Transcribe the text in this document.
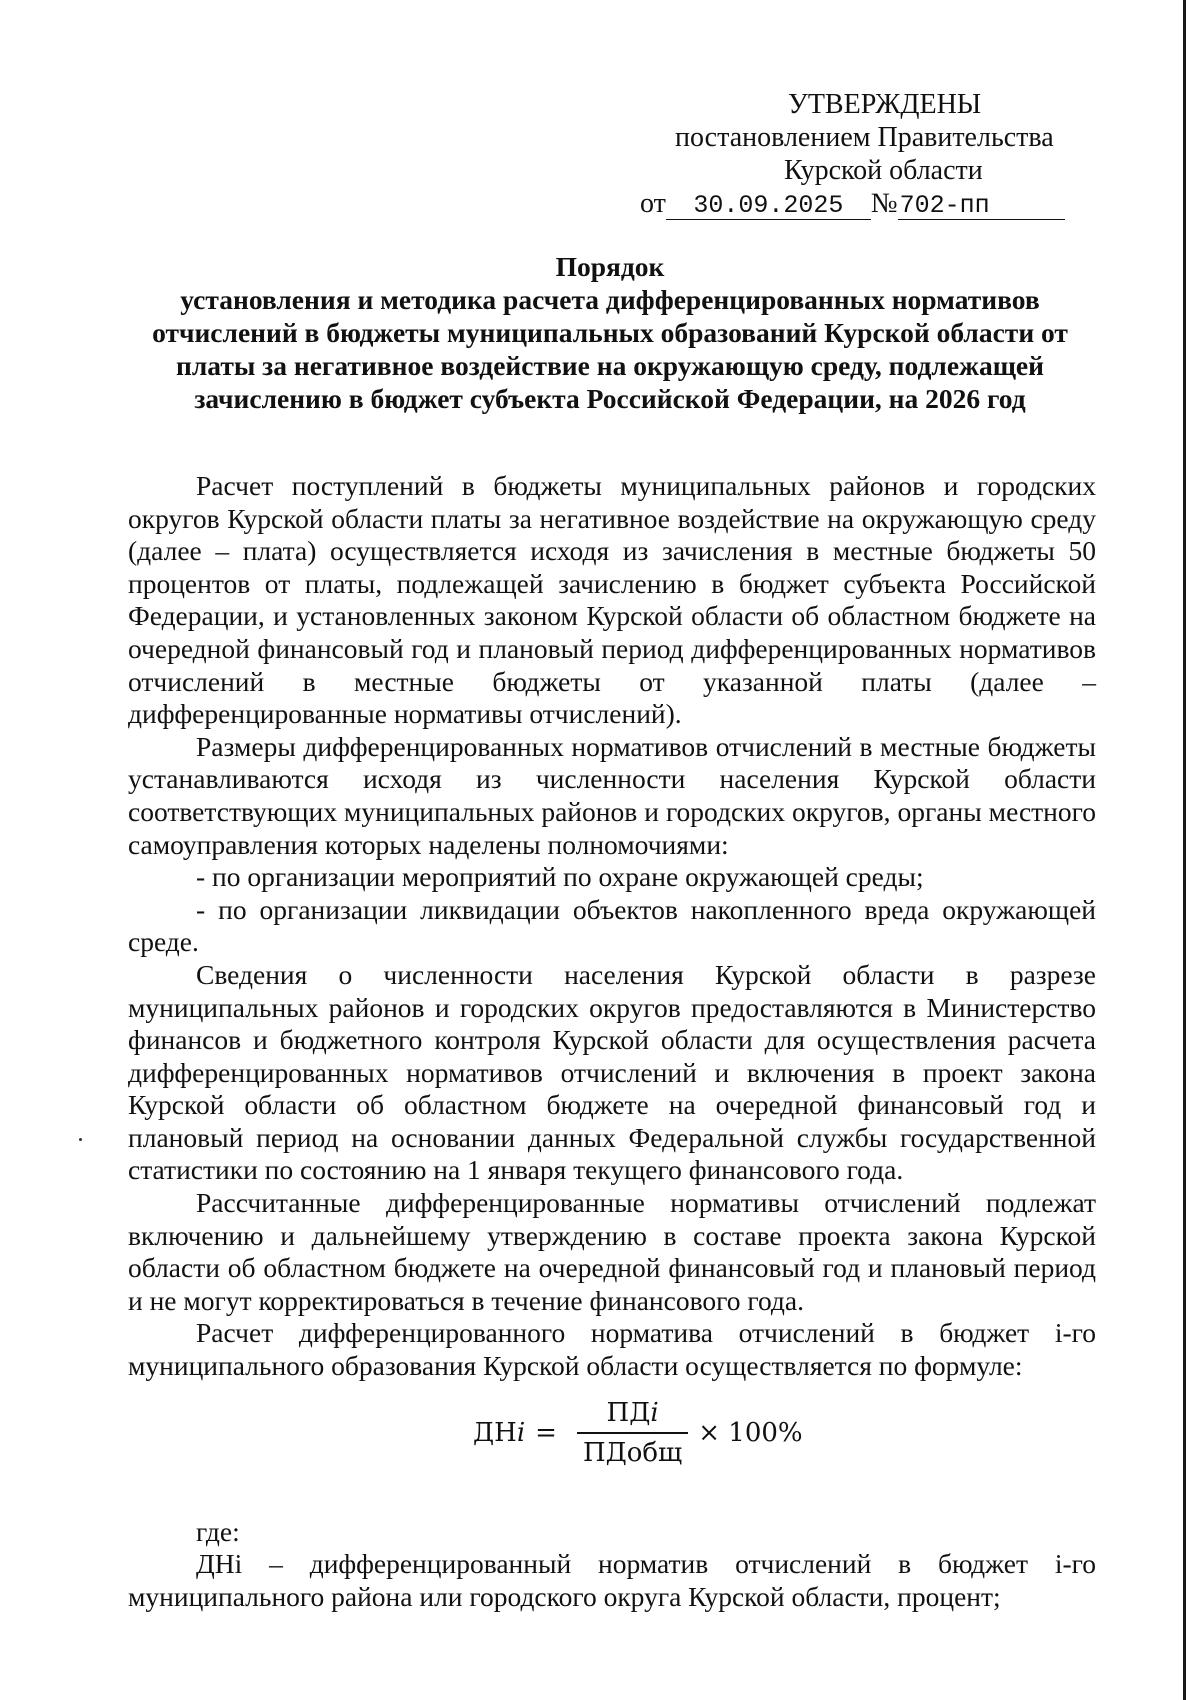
УТВЕРЖДЕНЫ
постановлением Правительства
Курской области
от 30.09.2025 №702-пп
Порядок
установления и методика расчета дифференцированных нормативов
отчислений в бюджеты муниципальных образований Курской области от
платы за негативное воздействие на окружающую среду, подлежащей
зачислению в бюджет субъекта Российской Федерации, на 2026 год

Расчет поступлений в бюджеты муниципальных районов и городских округов Курской области платы за негативное воздействие на окружающую среду (далее – плата) осуществляется исходя из зачисления в местные бюджеты 50 процентов от платы, подлежащей зачислению в бюджет субъекта Российской Федерации, и установленных законом Курской области об областном бюджете на очередной финансовый год и плановый период дифференцированных нормативов отчислений в местные бюджеты от указанной платы (далее – дифференцированные нормативы отчислений).

Размеры дифференцированных нормативов отчислений в местные бюджеты устанавливаются исходя из численности населения Курской области соответствующих муниципальных районов и городских округов, органы местного самоуправления которых наделены полномочиями:

- по организации мероприятий по охране окружающей среды;

- по организации ликвидации объектов накопленного вреда окружающей среде.

Сведения о численности населения Курской области в разрезе муниципальных районов и городских округов предоставляются в Министерство финансов и бюджетного контроля Курской области для осуществления расчета дифференцированных нормативов отчислений и включения в проект закона Курской области об областном бюджете на очередной финансовый год и плановый период на основании данных Федеральной службы государственной статистики по состоянию на 1 января текущего финансового года.

Рассчитанные дифференцированные нормативы отчислений подлежат включению и дальнейшему утверждению в составе проекта закона Курской области об областном бюджете на очередной финансовый год и плановый период и не могут корректироваться в течение финансового года.

Расчет дифференцированного норматива отчислений в бюджет i-го муниципального образования Курской области осуществляется по формуле:

ДНi = $\frac{\text{ПДi}}{\text{ПДобщ}} \times 100\%$
где:
ДНi – дифференцированный норматив отчислений в бюджет i-го муниципального района или городского округа Курской области, процент;
